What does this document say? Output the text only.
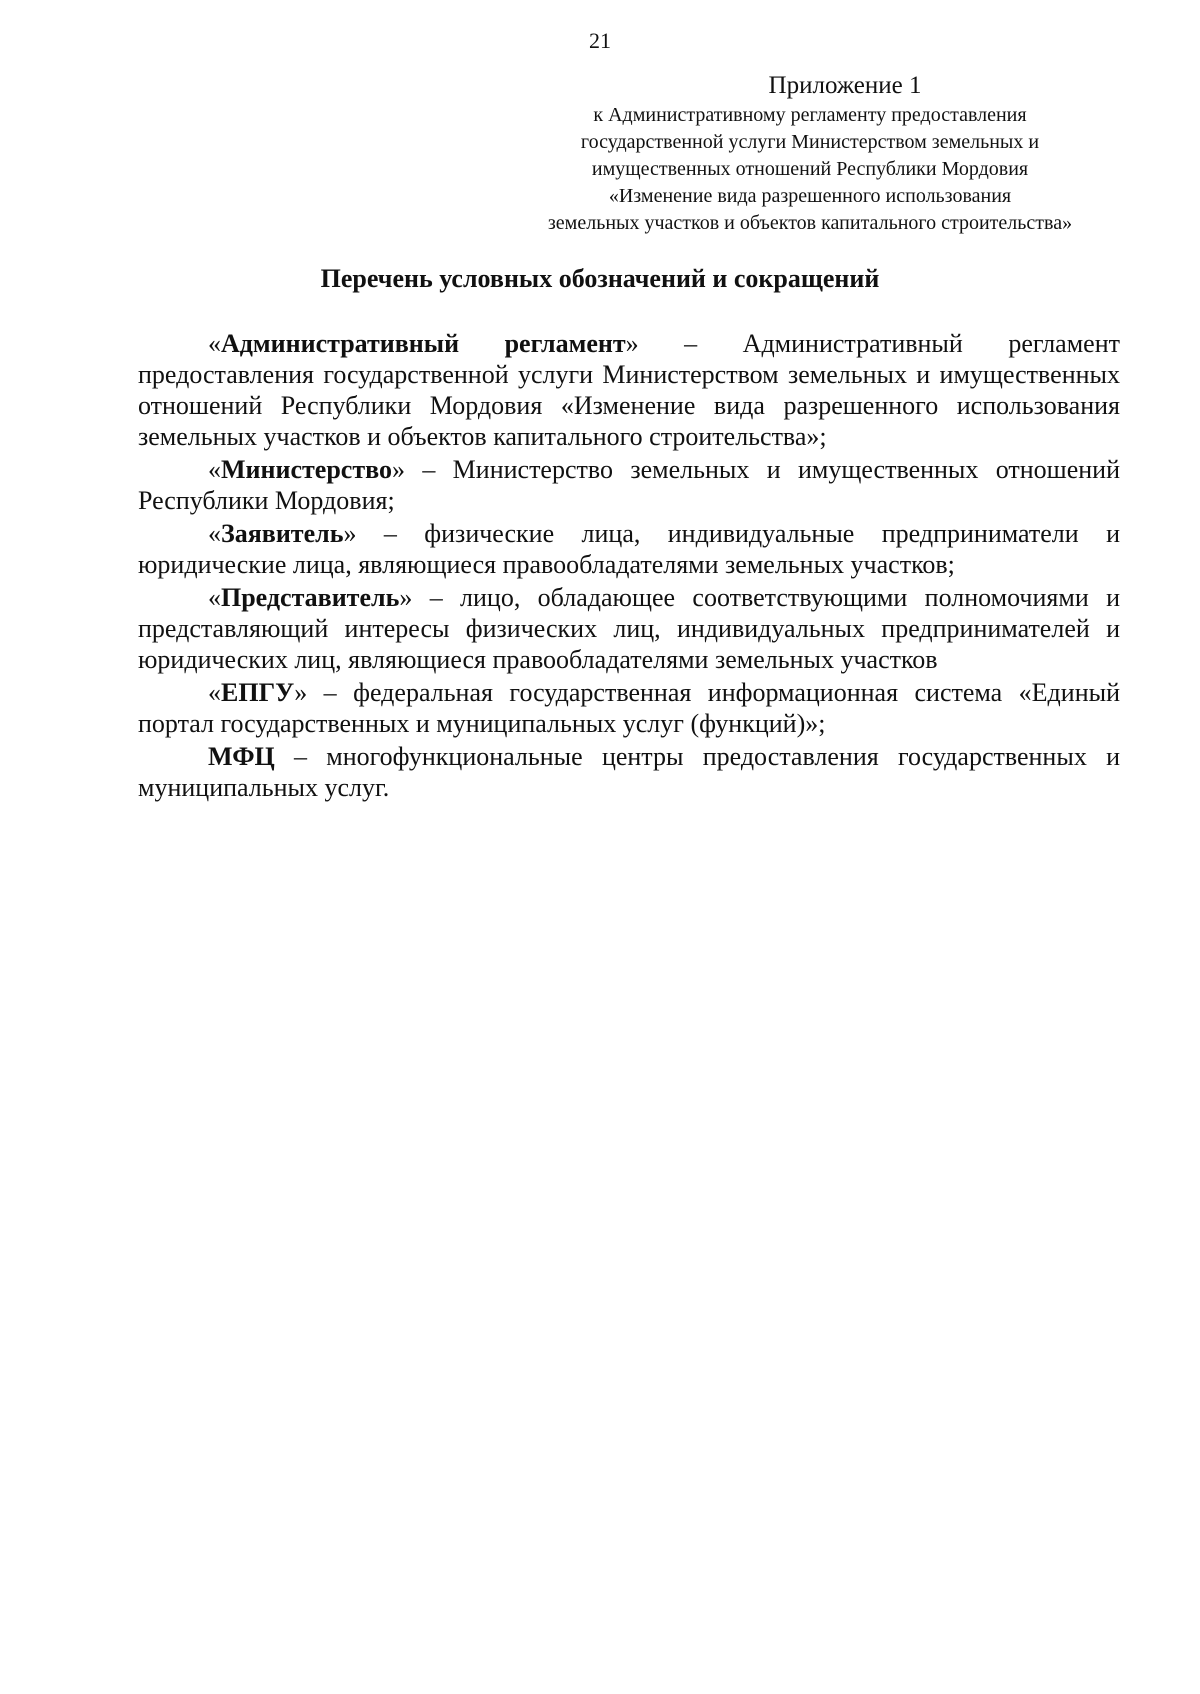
21
Приложение 1
к Административному регламенту предоставления
государственной услуги Министерством земельных и
имущественных отношений Республики Мордовия
«Изменение вида разрешенного использования
земельных участков и объектов капитального строительства»
Перечень условных обозначений и сокращений

«Административный регламент» – Административный регламент предоставления государственной услуги Министерством земельных и имущественных отношений Республики Мордовия «Изменение вида разрешенного использования земельных участков и объектов капитального строительства»;

«Министерство» – Министерство земельных и имущественных отношений Республики Мордовия;

«Заявитель» – физические лица, индивидуальные предприниматели и юридические лица, являющиеся правообладателями земельных участков;

«Представитель» – лицо, обладающее соответствующими полномочиями и представляющий интересы физических лиц, индивидуальных предпринимателей и юридических лиц, являющиеся правообладателями земельных участков

«ЕПГУ» – федеральная государственная информационная система «Единый портал государственных и муниципальных услуг (функций)»;

МФЦ – многофункциональные центры предоставления государственных и муниципальных услуг.
